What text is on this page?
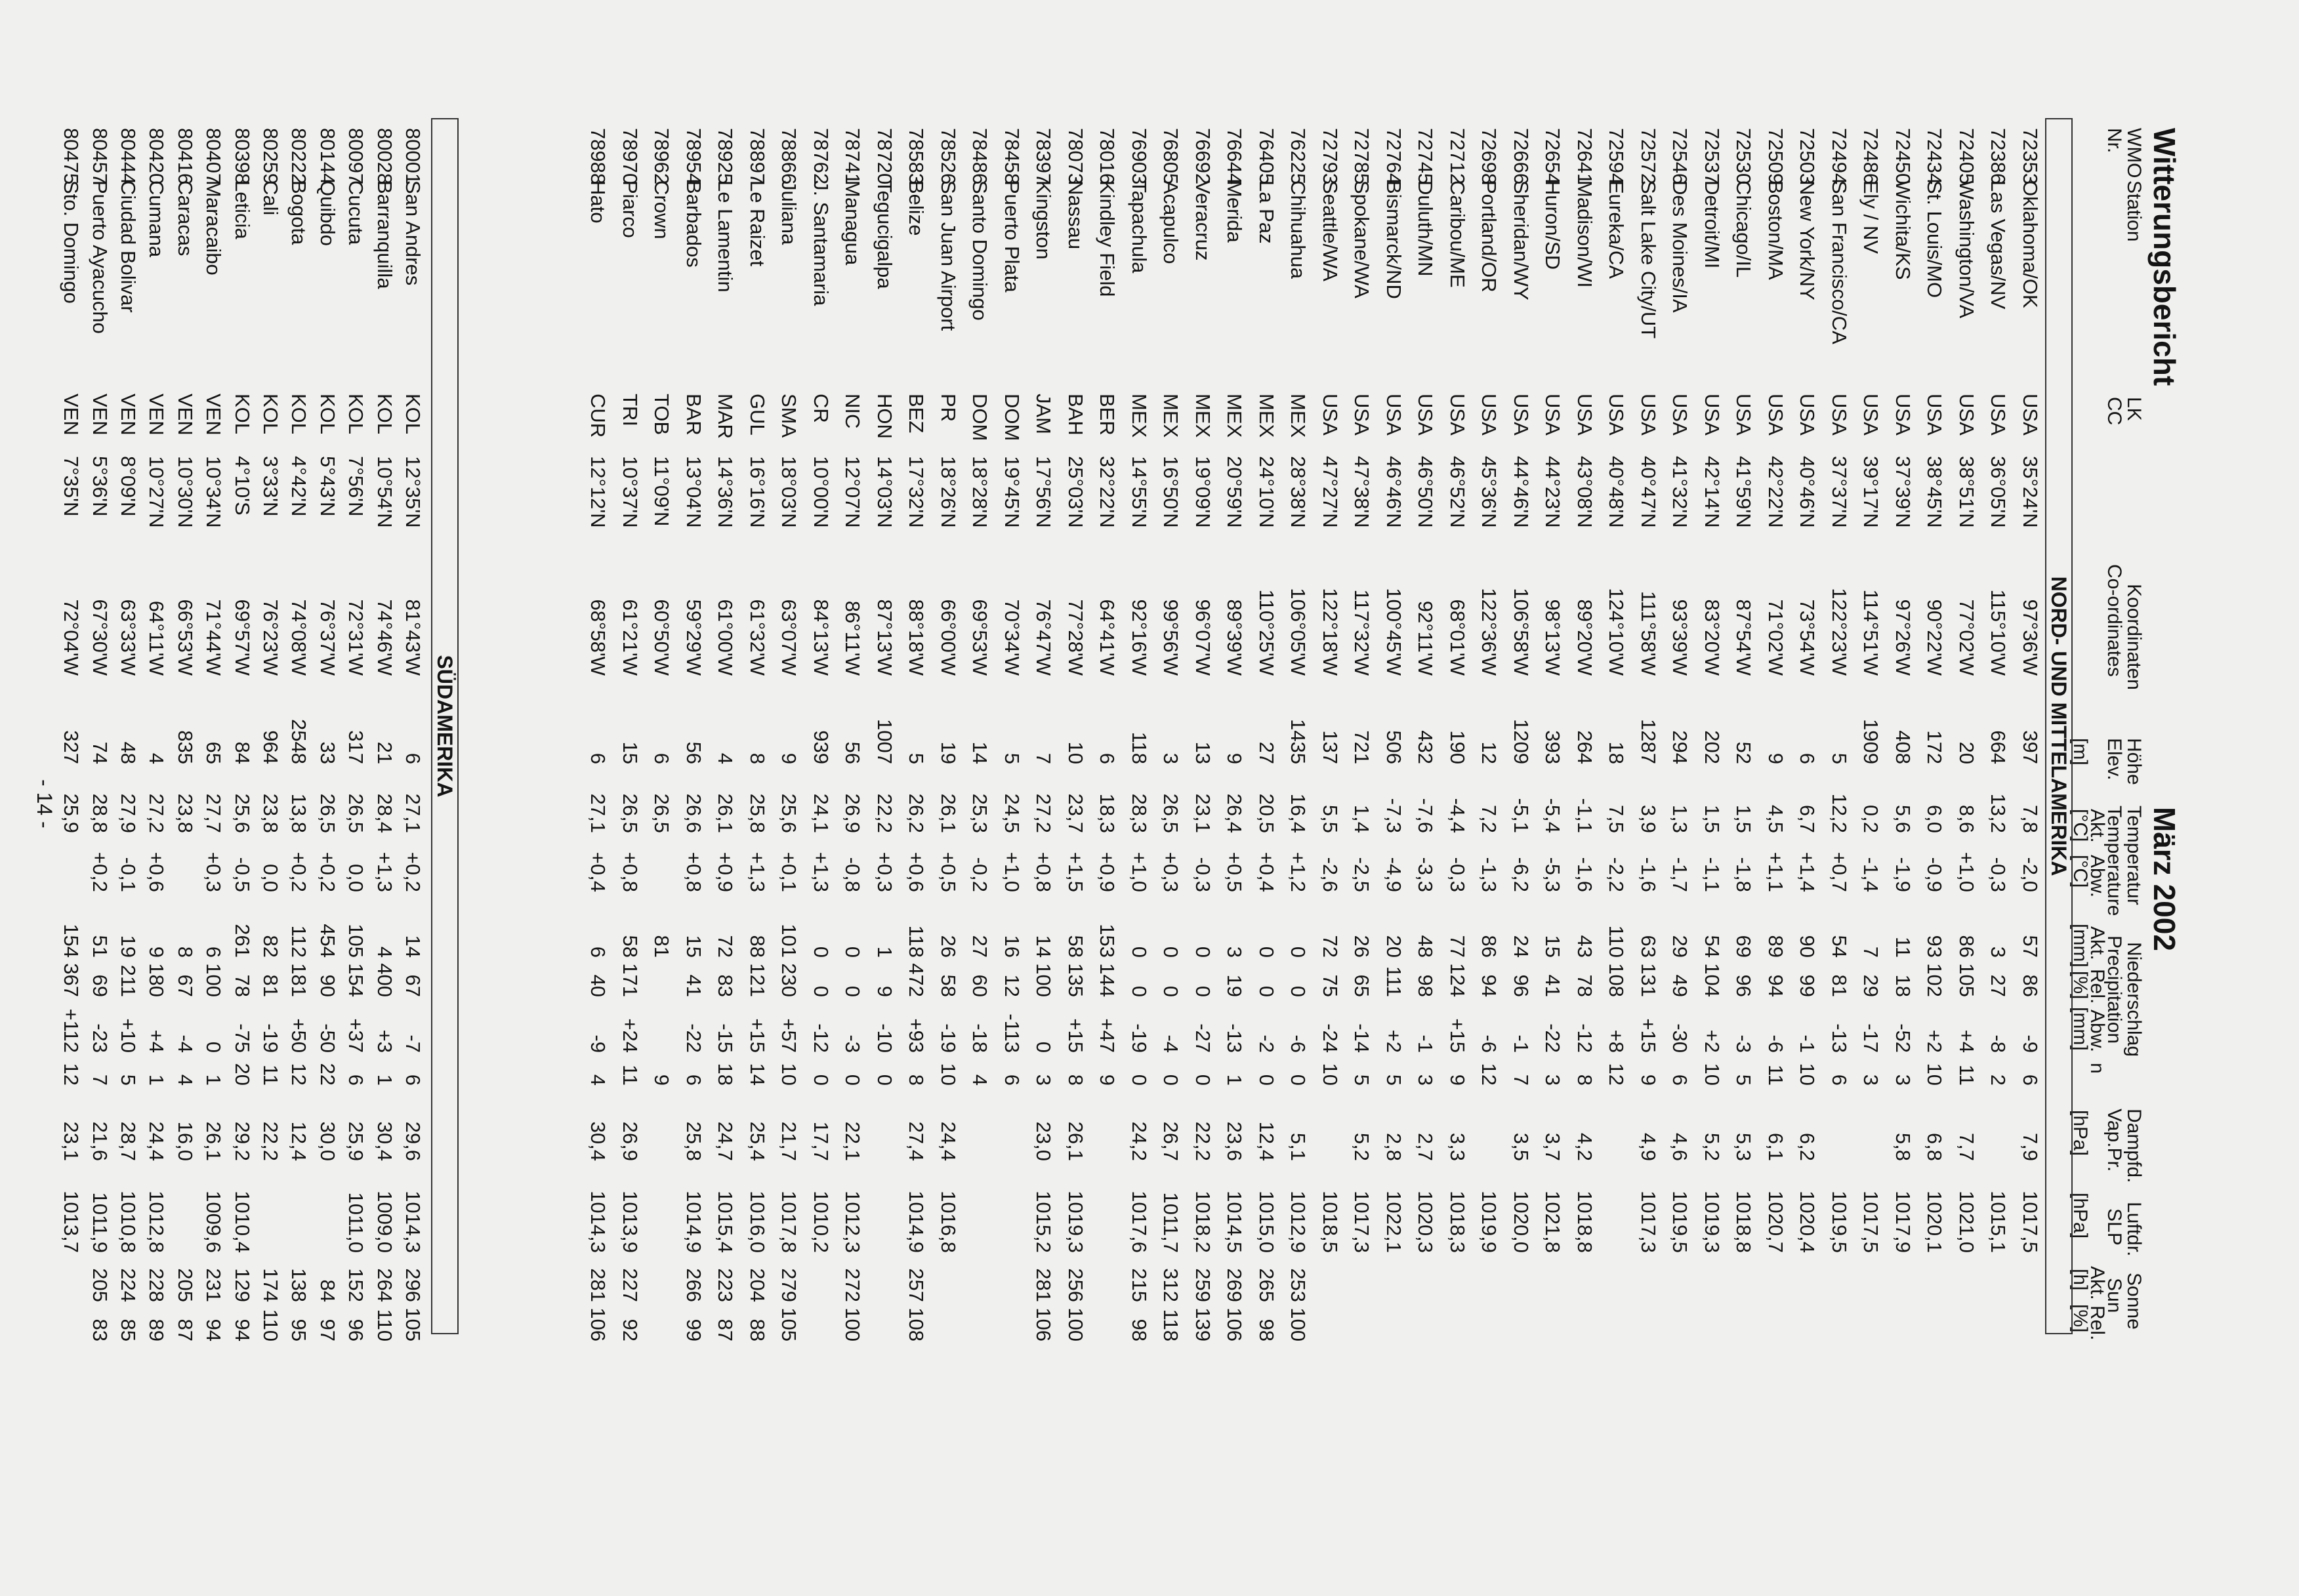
Witterungsbericht
März 2002
WMO
Nr.
Station
LK
CC
Koordinaten
Co-ordinates
Höhe
Elev.
[m]
Temperatur
Temperature
Akt.
Abw.
[°C]
[°C]
Niederschlag
Precipitation
Akt.
Rel.
Abw.
n
[mm]
[%]
[mm]
Dampfd.
Vap.Pr.
[hPa]
Luftdr.
SLP
[hPa]
Sonne
Sun
Akt.
Rel.
[h]
[%]
NORD- UND MITTELAMERIKA
72353
Oklahoma/OK
USA
35°24'N
97°36'W
397
7,8
-2,0
57
86
-9
6
7,9
1017,5
72386
Las Vegas/NV
USA
36°05'N
115°10'W
664
13,2
-0,3
3
27
-8
2
1015,1
72405
Washington/VA
USA
38°51'N
77°02'W
20
8,6
+1,0
86
105
+4
11
7,7
1021,0
72434
St. Louis/MO
USA
38°45'N
90°22'W
172
6,0
-0,9
93
102
+2
10
6,8
1020,1
72450
Wichita/KS
USA
37°39'N
97°26'W
408
5,6
-1,9
11
18
-52
3
5,8
1017,9
72486
Ely / NV
USA
39°17'N
114°51'W
1909
0,2
-1,4
7
29
-17
3
1017,5
72494
San Francisco/CA
USA
37°37'N
122°23'W
5
12,2
+0,7
54
81
-13
6
1019,5
72503
New York/NY
USA
40°46'N
73°54'W
6
6,7
+1,4
90
99
-1
10
6,2
1020,4
72509
Boston/MA
USA
42°22'N
71°02'W
9
4,5
+1,1
89
94
-6
11
6,1
1020,7
72530
Chicago/IL
USA
41°59'N
87°54'W
52
1,5
-1,8
69
96
-3
5
5,3
1018,8
72537
Detroit/MI
USA
42°14'N
83°20'W
202
1,5
-1,1
54
104
+2
10
5,2
1019,3
72546
Des Moines/IA
USA
41°32'N
93°39'W
294
1,3
-1,7
29
49
-30
6
4,6
1019,5
72572
Salt Lake City/UT
USA
40°47'N
111°58'W
1287
3,9
-1,6
63
131
+15
9
4,9
1017,3
72594
Eureka/CA
USA
40°48'N
124°10'W
18
7,5
-2,2
110
108
+8
12
72641
Madison/WI
USA
43°08'N
89°20'W
264
-1,1
-1,6
43
78
-12
8
4,2
1018,8
72654
Huron/SD
USA
44°23'N
98°13'W
393
-5,4
-5,3
15
41
-22
3
3,7
1021,8
72666
Sheridan/WY
USA
44°46'N
106°58'W
1209
-5,1
-6,2
24
96
-1
7
3,5
1020,0
72698
Portland/OR
USA
45°36'N
122°36'W
12
7,2
-1,3
86
94
-6
12
1019,9
72712
Caribou/ME
USA
46°52'N
68°01'W
190
-4,4
-0,3
77
124
+15
9
3,3
1018,3
72745
Duluth/MN
USA
46°50'N
92°11'W
432
-7,6
-3,3
48
98
-1
3
2,7
1020,3
72764
Bismarck/ND
USA
46°46'N
100°45'W
506
-7,3
-4,9
20
111
+2
5
2,8
1022,1
72785
Spokane/WA
USA
47°38'N
117°32'W
721
1,4
-2,5
26
65
-14
5
5,2
1017,3
72793
Seattle/WA
USA
47°27'N
122°18'W
137
5,5
-2,6
72
75
-24
10
1018,5
76225
Chihuahua
MEX
28°38'N
106°05'W
1435
16,4
+1,2
0
0
-6
0
5,1
1012,9
253
100
76405
La Paz
MEX
24°10'N
110°25'W
27
20,5
+0,4
0
0
-2
0
12,4
1015,0
265
98
76644
Merida
MEX
20°59'N
89°39'W
9
26,4
+0,5
3
19
-13
1
23,6
1014,5
269
106
76692
Veracruz
MEX
19°09'N
96°07'W
13
23,1
-0,3
0
0
-27
0
22,2
1018,2
259
139
76805
Acapulco
MEX
16°50'N
99°56'W
3
26,5
+0,3
0
0
-4
0
26,7
1011,7
312
118
76903
Tapachula
MEX
14°55'N
92°16'W
118
28,3
+1,0
0
0
-19
0
24,2
1017,6
215
98
78016
Kindley Field
BER
32°22'N
64°41'W
6
18,3
+0,9
153
144
+47
9
78073
Nassau
BAH
25°03'N
77°28'W
10
23,7
+1,5
58
135
+15
8
26,1
1019,3
256
100
78397
Kingston
JAM
17°56'N
76°47'W
7
27,2
+0,8
14
100
0
3
23,0
1015,2
281
106
78458
Puerto Plata
DOM
19°45'N
70°34'W
5
24,5
+1,0
16
12
-113
6
78486
Santo Domingo
DOM
18°28'N
69°53'W
14
25,3
-0,2
27
60
-18
4
78526
San Juan Airport
PR
18°26'N
66°00'W
19
26,1
+0,5
26
58
-19
10
24,4
1016,8
78583
Belize
BEZ
17°32'N
88°18'W
5
26,2
+0,6
118
472
+93
8
27,4
1014,9
257
108
78720
Tegucigalpa
HON
14°03'N
87°13'W
1007
22,2
+0,3
1
9
-10
0
78741
Managua
NIC
12°07'N
86°11'W
56
26,9
-0,8
0
0
-3
0
22,1
1012,3
272
100
78762
J. Santamaria
CR
10°00'N
84°13'W
939
24,1
+1,3
0
0
-12
0
17,7
1010,2
78866
Juliana
SMA
18°03'N
63°07'W
9
25,6
+0,1
101
230
+57
10
21,7
1017,8
279
105
78897
Le Raizet
GUL
16°16'N
61°32'W
8
25,8
+1,3
88
121
+15
14
25,4
1016,0
204
88
78925
Le Lamentin
MAR
14°36'N
61°00'W
4
26,1
+0,9
72
83
-15
18
24,7
1015,4
223
87
78954
Barbados
BAR
13°04'N
59°29'W
56
26,6
+0,8
15
41
-22
6
25,8
1014,9
266
99
78962
Crown
TOB
11°09'N
60°50'W
6
26,5
81
9
78970
Piarco
TRI
10°37'N
61°21'W
15
26,5
+0,8
58
171
+24
11
26,9
1013,9
227
92
78988
Hato
CUR
12°12'N
68°58'W
6
27,1
+0,4
6
40
-9
4
30,4
1014,3
281
106
SÜDAMERIKA
80001
San Andres
KOL
12°35'N
81°43'W
6
27,1
+0,2
14
67
-7
6
29,6
1014,3
296
105
80028
Barranquilla
KOL
10°54'N
74°46'W
21
28,4
+1,3
4
400
+3
1
30,4
1009,0
264
110
80097
Cucuta
KOL
7°56'N
72°31'W
317
26,5
0,0
105
154
+37
6
25,9
1011,0
152
96
80144
Quibdo
KOL
5°43'N
76°37'W
33
26,5
+0,2
454
90
-50
22
30,0
84
97
80222
Bogota
KOL
4°42'N
74°08'W
2548
13,8
+0,2
112
181
+50
12
12,4
138
95
80259
Cali
KOL
3°33'N
76°23'W
964
23,8
0,0
82
81
-19
11
22,2
174
110
80398
Leticia
KOL
4°10'S
69°57'W
84
25,6
-0,5
261
78
-75
20
29,2
1010,4
129
94
80407
Maracaibo
VEN
10°34'N
71°44'W
65
27,7
+0,3
6
100
0
1
26,1
1009,6
231
94
80416
Caracas
VEN
10°30'N
66°53'W
835
23,8
8
67
-4
4
16,0
205
87
80420
Cumana
VEN
10°27'N
64°11'W
4
27,2
+0,6
9
180
+4
1
24,4
1012,8
228
89
80444
Ciudad Bolivar
VEN
8°09'N
63°33'W
48
27,9
-0,1
19
211
+10
5
28,7
1010,8
224
85
80457
Puerto Ayacucho
VEN
5°36'N
67°30'W
74
28,8
+0,2
51
69
-23
7
21,6
1011,9
205
83
80475
Sto. Domingo
VEN
7°35'N
72°04'W
327
25,9
154
367
+112
12
23,1
1013,7
- 14 -
